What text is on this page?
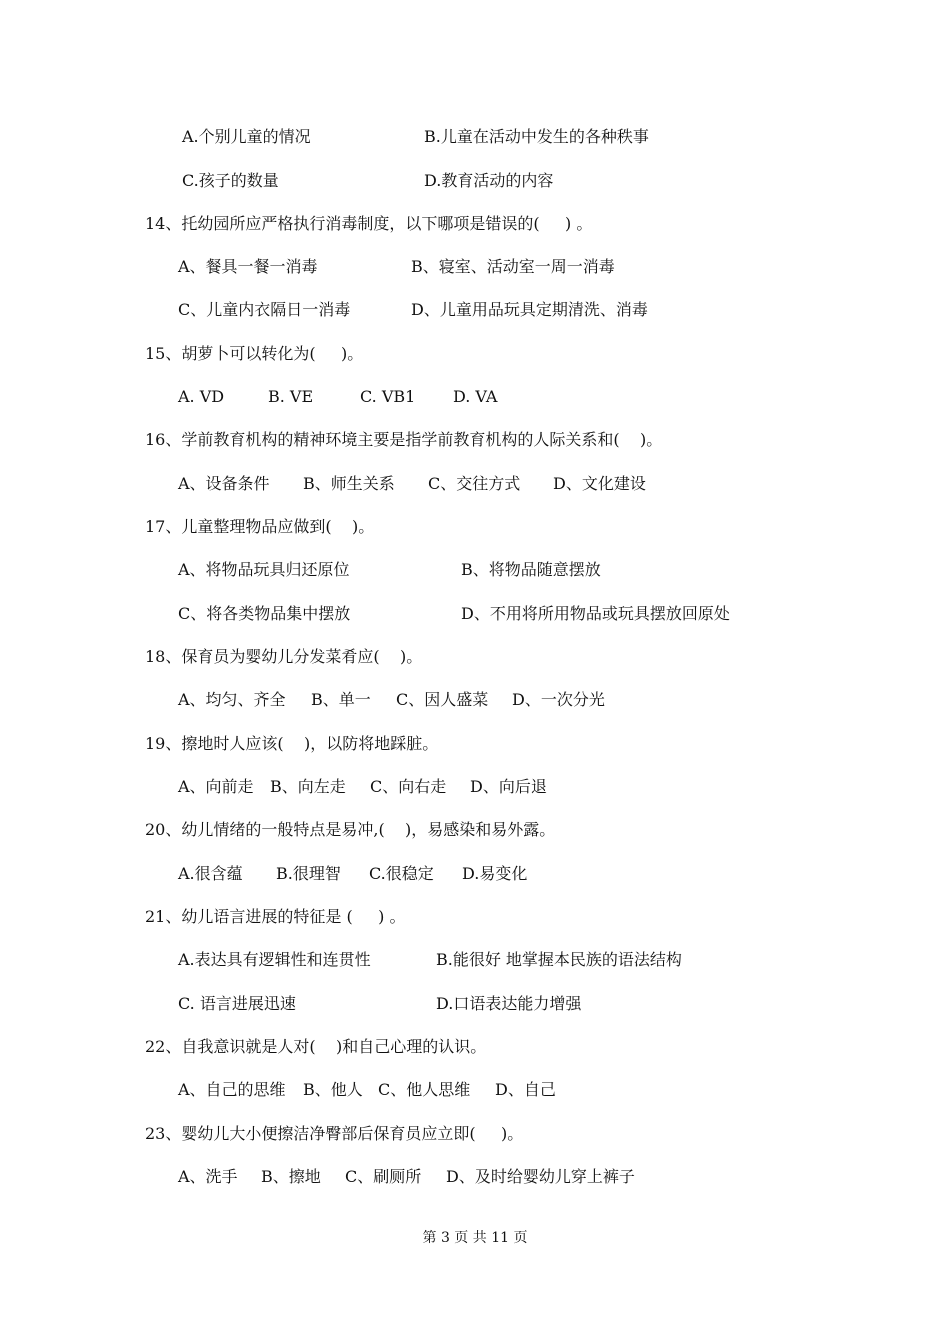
A.个别儿童的情况	B.儿童在活动中发生的各种秩事
C.孩子的数量	D.教育活动的内容
14、托幼园所应严格执行消毒制度，以下哪项是错误的(     ) 。
A、餐具一餐一消毒	B、寝室、活动室一周一消毒
C、儿童内衣隔日一消毒	D、儿童用品玩具定期清洗、消毒
15、胡萝卜可以转化为(     )。
A. VD	B. VE	C. VB1 D. VA
16、学前教育机构的精神环境主要是指学前教育机构的人际关系和(    )。
A、设备条件 B、师生关系 C、交往方式 D、文化建设
17、儿童整理物品应做到(    )。
A、将物品玩具归还原位	B、将物品随意摆放
C、将各类物品集中摆放	D、不用将所用物品或玩具摆放回原处
18、保育员为婴幼儿分发菜肴应(    )。
A、均匀、齐全 B、单一 C、因人盛菜 D、一次分光
19、擦地时人应该(    )，以防将地踩脏。
A、向前走 B、向左走 C、向右走 D、向后退
20、幼儿情绪的一般特点是易冲,(    )，易感染和易外露。
A.很含蕴 B.很理智 C.很稳定 D.易变化
21、幼儿语言进展的特征是 (     ) 。
A.表达具有逻辑性和连贯性	B.能很好 地掌握本民族的语法结构
C. 语言进展迅速	D.口语表达能力增强
22、自我意识就是人对(    )和自己心理的认识。
A、自己的思维 B、他人 C、他人思维 D、自己
23、婴幼儿大小便擦洁净臀部后保育员应立即(     )。
A、洗手 B、擦地 C、刷厕所 D、及时给婴幼儿穿上裤子
第 3 页 共 11 页
